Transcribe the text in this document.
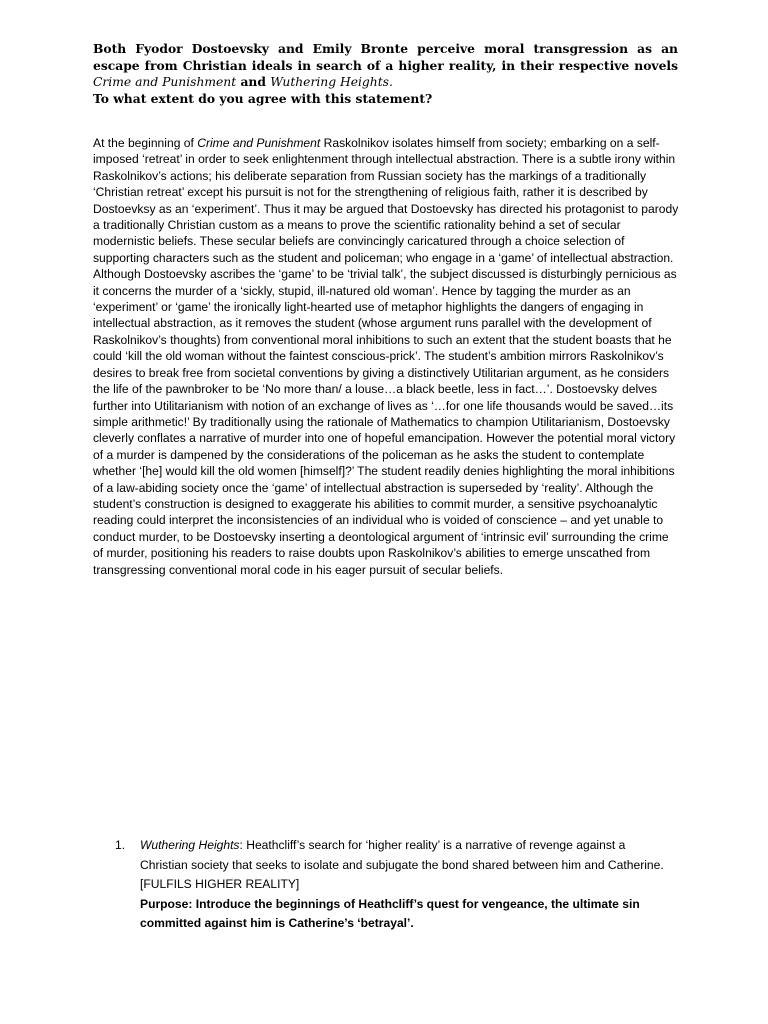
Both Fyodor Dostoevsky and Emily Bronte perceive moral transgression as an escape from Christian ideals in search of a higher reality, in their respective novels Crime and Punishment and Wuthering Heights.
To what extent do you agree with this statement?

At the beginning of Crime and Punishment Raskolnikov isolates himself from society; embarking on a self-imposed ‘retreat’ in order to seek enlightenment through intellectual abstraction. There is a subtle irony within Raskolnikov’s actions; his deliberate separation from Russian society has the markings of a traditionally ‘Christian retreat’ except his pursuit is not for the strengthening of religious faith, rather it is described by Dostoevksy as an ‘experiment’. Thus it may be argued that Dostoevsky has directed his protagonist to parody a traditionally Christian custom as a means to prove the scientific rationality behind a set of secular modernistic beliefs. These secular beliefs are convincingly caricatured through a choice selection of supporting characters such as the student and policeman; who engage in a ‘game’ of intellectual abstraction. Although Dostoevsky ascribes the ‘game’ to be ‘trivial talk’, the subject discussed is disturbingly pernicious as it concerns the murder of a ‘sickly, stupid, ill-natured old woman’. Hence by tagging the murder as an ‘experiment’ or ‘game’ the ironically light-hearted use of metaphor highlights the dangers of engaging in intellectual abstraction, as it removes the student (whose argument runs parallel with the development of Raskolnikov’s thoughts) from conventional moral inhibitions to such an extent that the student boasts that he could ‘kill the old woman without the faintest conscious-prick’. The student’s ambition mirrors Raskolnikov’s desires to break free from societal conventions by giving a distinctively Utilitarian argument, as he considers the life of the pawnbroker to be ‘No more than/ a louse…a black beetle, less in fact…’. Dostoevsky delves further into Utilitarianism with notion of an exchange of lives as ‘…for one life thousands would be saved…its simple arithmetic!’ By traditionally using the rationale of Mathematics to champion Utilitarianism, Dostoevsky cleverly conflates a narrative of murder into one of hopeful emancipation. However the potential moral victory of a murder is dampened by the considerations of the policeman as he asks the student to contemplate whether ‘[he] would kill the old women [himself]?’ The student readily denies highlighting the moral inhibitions of a law-abiding society once the ‘game’ of intellectual abstraction is superseded by ‘reality’. Although the student’s construction is designed to exaggerate his abilities to commit murder, a sensitive psychoanalytic reading could interpret the inconsistencies of an individual who is voided of conscience – and yet unable to conduct murder, to be Dostoevsky inserting a deontological argument of ‘intrinsic evil’ surrounding the crime of murder, positioning his readers to raise doubts upon Raskolnikov’s abilities to emerge unscathed from transgressing conventional moral code in his eager pursuit of secular beliefs.

1. Wuthering Heights: Heathcliff’s search for ‘higher reality’ is a narrative of revenge against a Christian society that seeks to isolate and subjugate the bond shared between him and Catherine. [FULFILS HIGHER REALITY]
Purpose: Introduce the beginnings of Heathcliff’s quest for vengeance, the ultimate sin committed against him is Catherine’s ‘betrayal’.
